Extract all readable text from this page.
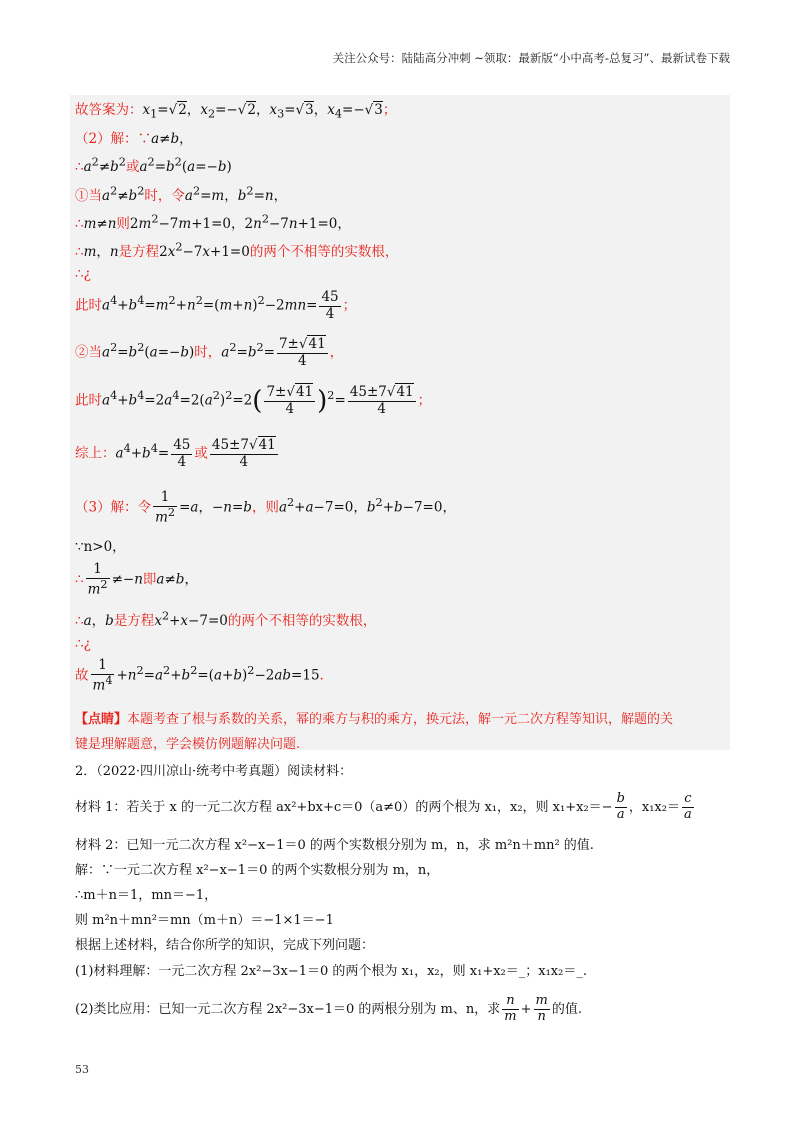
关注公众号：陆陆高分冲刺 ~领取：最新版“小中高考-总复习”、最新试卷下载
故答案为：$x_1=√2$，$x_2=-√2$，$x_3=√3$，$x_4=-√3$；
（2）解：∵a≠b，
$\therefore a^2\ne b^2$或$a^2=b^2(a=-b)$
①当$a^2\ne b^2$时，令$a^2=m$，$b^2=n$，
∴m≠n则$2m^2-7m+1=0$，$2n^2-7n+1=0$，
∴m，n是方程$2x^2-7x+1=0$的两个不相等的实数根，
∴¿
此时$a^4+b^4=m^2+n^2=(m+n)^2-2mn= \frac{45}{4}$ ；
②当$a^2=b^2(a=-b)$时，$a^2=b^2= \frac{7\pm√41}{4}$ ，
此时$a^4+b^4=2a^4=2(a^2)^2=2( \frac{7\pm√41}{4} )^2= \frac{45\pm 7√41}{4}$ ；
综上：$a^4+b^4= \frac{45}{4}$ 或 $\frac{45\pm 7√41}{4}$
（3）解：令 $\frac{1}{m^2} =a$，−n=b，则$a^2+a-7=0$，$b^2+b-7=0$，
∵n>0，
∴ $\frac{1}{m^2} \ne-n$即a≠b，
∴a，b是方程$x^2+x-7=0$的两个不相等的实数根，
∴¿
故 $\frac{1}{m^4} +n^2=a^2+b^2=(a+b)^2-2ab=15$.
【点睛】本题考查了根与系数的关系，幂的乘方与积的乘方，换元法，解一元二次方程等知识，解题的关
键是理解题意，学会模仿例题解决问题.
2．（2022·四川凉山·统考中考真题）阅读材料：
材料 1：若关于 x 的一元二次方程 ax²+bx+c＝0（a≠0）的两个根为 x₁，x₂，则 $x_1+x_2=- \frac{b}{a}$ ，$x_1x_2= \frac{c}{a}$
材料 2：已知一元二次方程 x²−x−1＝0 的两个实数根分别为 m，n，求 m²n＋mn² 的值.
解：∵一元二次方程 x²−x−1＝0 的两个实数根分别为 m，n，
∴m＋n＝1，mn＝−1，
则 m²n＋mn²＝mn（m＋n）＝−1×1＝−1
根据上述材料，结合你所学的知识，完成下列问题：
(1)材料理解：一元二次方程 2x²−3x−1＝0 的两个根为 x₁，x₂，则 x₁+x₂＝_；x₁x₂＝_.
(2)类比应用：已知一元二次方程 2x²−3x−1＝0 的两根分别为 m、n，求 $\frac{n}{m} + \frac{m}{n}$ 的值.
53
